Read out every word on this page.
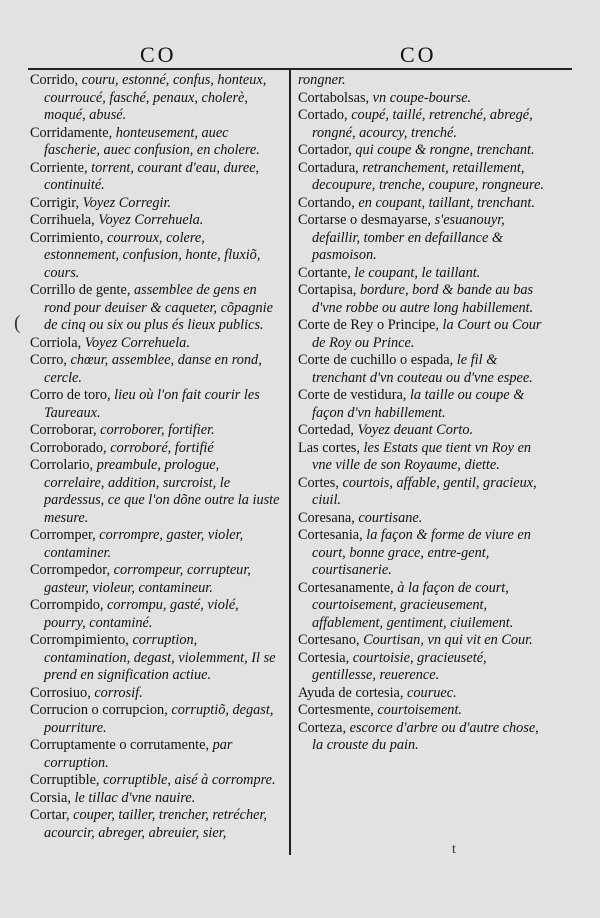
CO	CO

Corrido, couru, estonné, confus, honteux, courroucé, fasché, penaux, cholerè, moqué, abusé.

Corridamente, honteusement, auec fascherie, auec confusion, en cholere.

Corriente, torrent, courant d'eau, duree, continuité.

Corrigir, Voyez Corregir.

Corrihuela, Voyez Correhuela.

Corrimiento, courroux, colere, estonnement, confusion, honte, fluxiõ, cours.

Corrillo de gente, assemblee de gens en rond pour deuiser & caqueter, cõpagnie de cinq ou six ou plus és lieux publics.

Corriola, Voyez Correhuela.

Corro, chœur, assemblee, danse en rond, cercle.

Corro de toro, lieu où l'on fait courir les Taureaux.

Corroborar, corroborer, fortifier.

Corroborado, corroboré, fortifié

Corrolario, preambule, prologue, correlaire, addition, surcroist, le pardessus, ce que l'on dõne outre la iuste mesure.

Corromper, corrompre, gaster, violer, contaminer.

Corrompedor, corrompeur, corrupteur, gasteur, violeur, contamineur.

Corrompido, corrompu, gasté, violé, pourry, contaminé.

Corrompimiento, corruption, contamination, degast, violemment, Il se prend en signification actiue.

Corrosiuo, corrosif.

Corrucion o corrupcion, corruptiõ, degast, pourriture.

Corruptamente o corrutamente, par corruption.

Corruptible, corruptible, aisé à corrompre.

Corsia, le tillac d'vne nauire.

Cortar, couper, tailler, trencher, retrécher, acourcir, abreger, abreuier, sier,

rongner.

Cortabolsas, vn coupe-bourse.

Cortado, coupé, taillé, retrenché, abregé, rongné, acourcy, trenché.

Cortador, qui coupe & rongne, trenchant.

Cortadura, retranchement, retaillement, decoupure, trenche, coupure, rongneure.

Cortando, en coupant, taillant, trenchant.

Cortarse o desmayarse, s'esuanouyr, defaillir, tomber en defaillance & pasmoison.

Cortante, le coupant, le taillant.

Cortapisa, bordure, bord & bande au bas d'vne robbe ou autre long habillement.

Corte de Rey o Principe, la Court ou Cour de Roy ou Prince.

Corte de cuchillo o espada, le fil & trenchant d'vn couteau ou d'vne espee.

Corte de vestidura, la taille ou coupe & façon d'vn habillement.

Cortedad, Voyez deuant Corto.

Las cortes, les Estats que tient vn Roy en vne ville de son Royaume, diette.

Cortes, courtois, affable, gentil, gracieux, ciuil.

Coresana, courtisane.

Cortesania, la façon & forme de viure en court, bonne grace, entre-gent, courtisanerie.

Cortesanamente, à la façon de court, courtoisement, gracieusement, affablement, gentiment, ciuilement.

Cortesano, Courtisan, vn qui vit en Cour.

Cortesia, courtoisie, gracieuseté, gentillesse, reuerence.

Ayuda de cortesia, couruec.

Cortesmente, courtoisement.

Corteza, escorce d'arbre ou d'autre chose, la crouste du pain.

(
t
